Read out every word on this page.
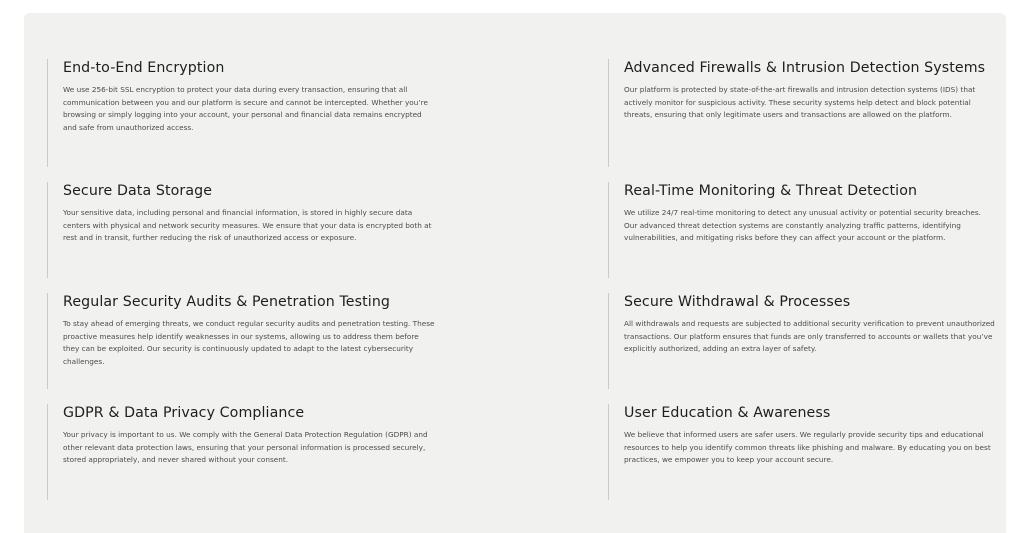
End-to-End Encryption

We use 256-bit SSL encryption to protect your data during every transaction, ensuring that all communication between you and our platform is secure and cannot be intercepted. Whether you’re browsing or simply logging into your account, your personal and financial data remains encrypted and safe from unauthorized access.

Advanced Firewalls & Intrusion Detection Systems

Our platform is protected by state-of-the-art firewalls and intrusion detection systems (IDS) that actively monitor for suspicious activity. These security systems help detect and block potential threats, ensuring that only legitimate users and transactions are allowed on the platform.

Secure Data Storage

Your sensitive data, including personal and financial information, is stored in highly secure data centers with physical and network security measures. We ensure that your data is encrypted both at rest and in transit, further reducing the risk of unauthorized access or exposure.

Real-Time Monitoring & Threat Detection

We utilize 24/7 real-time monitoring to detect any unusual activity or potential security breaches. Our advanced threat detection systems are constantly analyzing traffic patterns, identifying vulnerabilities, and mitigating risks before they can affect your account or the platform.

Regular Security Audits & Penetration Testing

To stay ahead of emerging threats, we conduct regular security audits and penetration testing. These proactive measures help identify weaknesses in our systems, allowing us to address them before they can be exploited. Our security is continuously updated to adapt to the latest cybersecurity challenges.

Secure Withdrawal & Processes

All withdrawals and requests are subjected to additional security verification to prevent unauthorized transactions. Our platform ensures that funds are only transferred to accounts or wallets that you’ve explicitly authorized, adding an extra layer of safety.

GDPR & Data Privacy Compliance

Your privacy is important to us. We comply with the General Data Protection Regulation (GDPR) and other relevant data protection laws, ensuring that your personal information is processed securely, stored appropriately, and never shared without your consent.

User Education & Awareness

We believe that informed users are safer users. We regularly provide security tips and educational resources to help you identify common threats like phishing and malware. By educating you on best practices, we empower you to keep your account secure.
